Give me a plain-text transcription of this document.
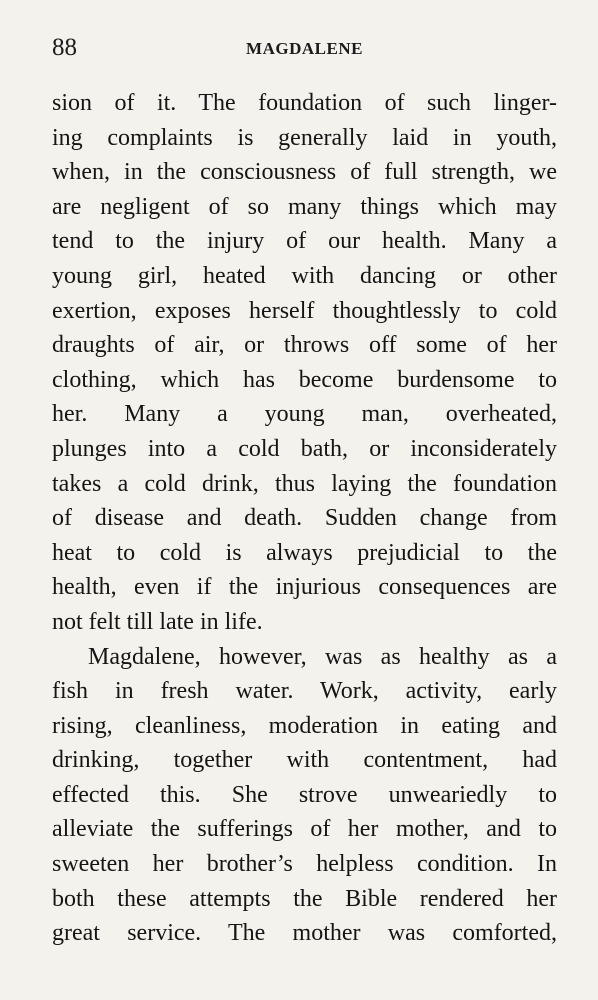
88	MAGDALENE
sion of it. The foundation of such linger-
ing complaints is generally laid in youth,
when, in the consciousness of full strength, we
are negligent of so many things which may
tend to the injury of our health. Many a
young girl, heated with dancing or other
exertion, exposes herself thoughtlessly to cold
draughts of air, or throws off some of her
clothing, which has become burdensome to
her. Many a young man, overheated,
plunges into a cold bath, or inconsiderately
takes a cold drink, thus laying the foundation
of disease and death. Sudden change from
heat to cold is always prejudicial to the
health, even if the injurious consequences are
not felt till late in life.
Magdalene, however, was as healthy as a
fish in fresh water. Work, activity, early
rising, cleanliness, moderation in eating and
drinking, together with contentment, had
effected this. She strove unweariedly to
alleviate the sufferings of her mother, and to
sweeten her brother’s helpless condition. In
both these attempts the Bible rendered her
great service. The mother was comforted,
